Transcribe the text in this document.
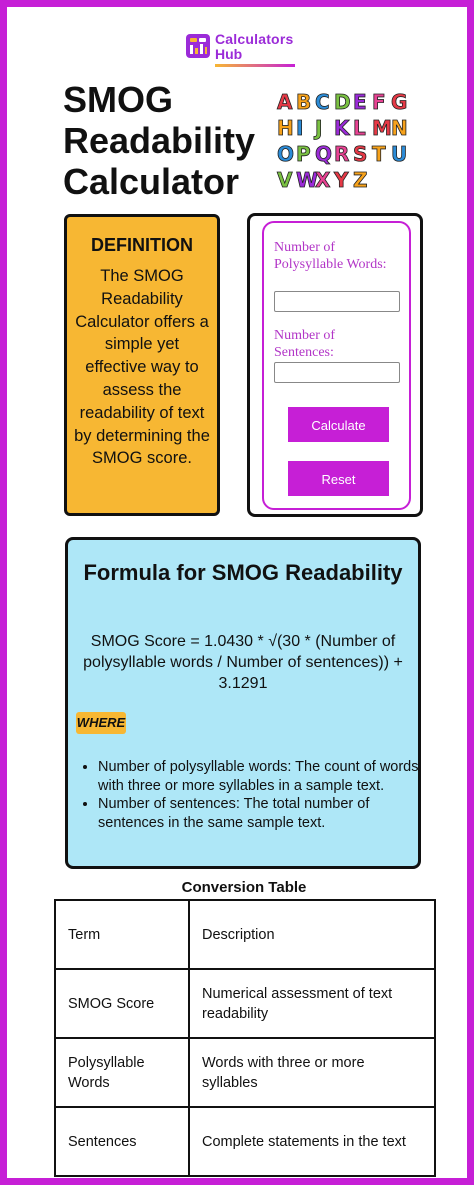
Calculators
Hub
SMOG
Readability
Calculator
A B C D E F G
H I J K L M N
O P Q R S T U
V W
X Y Z
DEFINITION
The SMOG Readability Calculator offers a simple yet effective way to assess the readability of text by determining the SMOG score.
Number of Polysyllable Words:
Number of Sentences:
Calculate
Reset
Formula for SMOG Readability
SMOG Score = 1.0430 * √(30 * (Number of polysyllable words / Number of sentences)) + 3.1291
WHERE
• Number of polysyllable words: The count of words with three or more syllables in a sample text.
• Number of sentences: The total number of sentences in the same sample text.
Conversion Table
Term	Description
SMOG Score	Numerical assessment of text readability
Polysyllable Words	Words with three or more syllables
Sentences	Complete statements in the text
